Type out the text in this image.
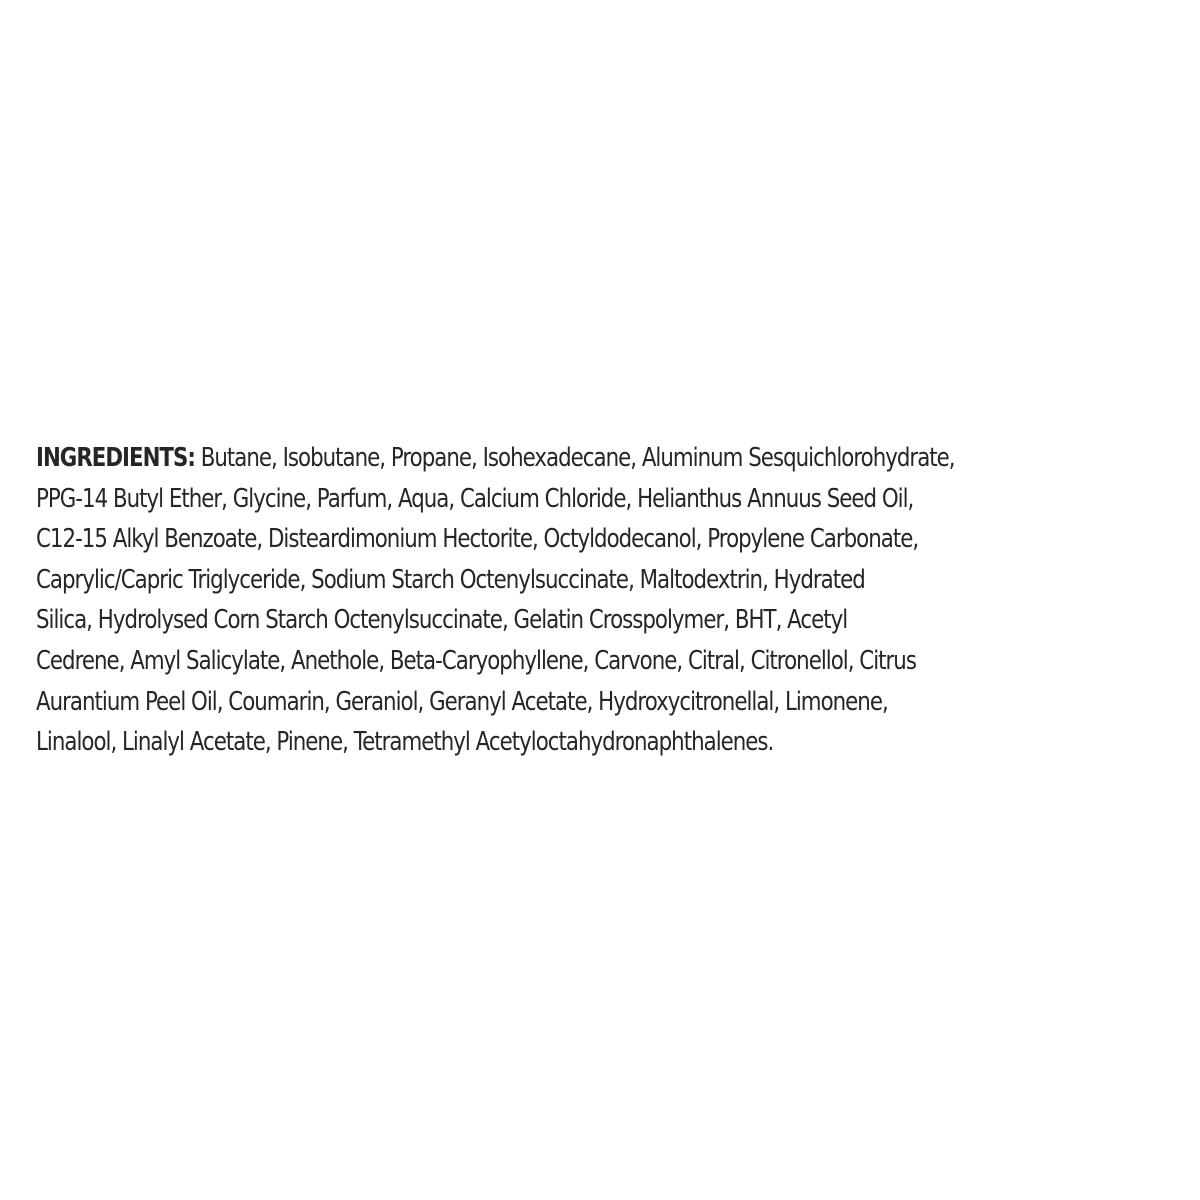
INGREDIENTS: Butane, Isobutane, Propane, Isohexadecane, Aluminum Sesquichlorohydrate,
PPG-14 Butyl Ether, Glycine, Parfum, Aqua, Calcium Chloride, Helianthus Annuus Seed Oil,
C12-15 Alkyl Benzoate, Disteardimonium Hectorite, Octyldodecanol, Propylene Carbonate,
Caprylic/Capric Triglyceride, Sodium Starch Octenylsuccinate, Maltodextrin, Hydrated
Silica, Hydrolysed Corn Starch Octenylsuccinate, Gelatin Crosspolymer, BHT, Acetyl
Cedrene, Amyl Salicylate, Anethole, Beta-Caryophyllene, Carvone, Citral, Citronellol, Citrus
Aurantium Peel Oil, Coumarin, Geraniol, Geranyl Acetate, Hydroxycitronellal, Limonene,
Linalool, Linalyl Acetate, Pinene, Tetramethyl Acetyloctahydronaphthalenes.
